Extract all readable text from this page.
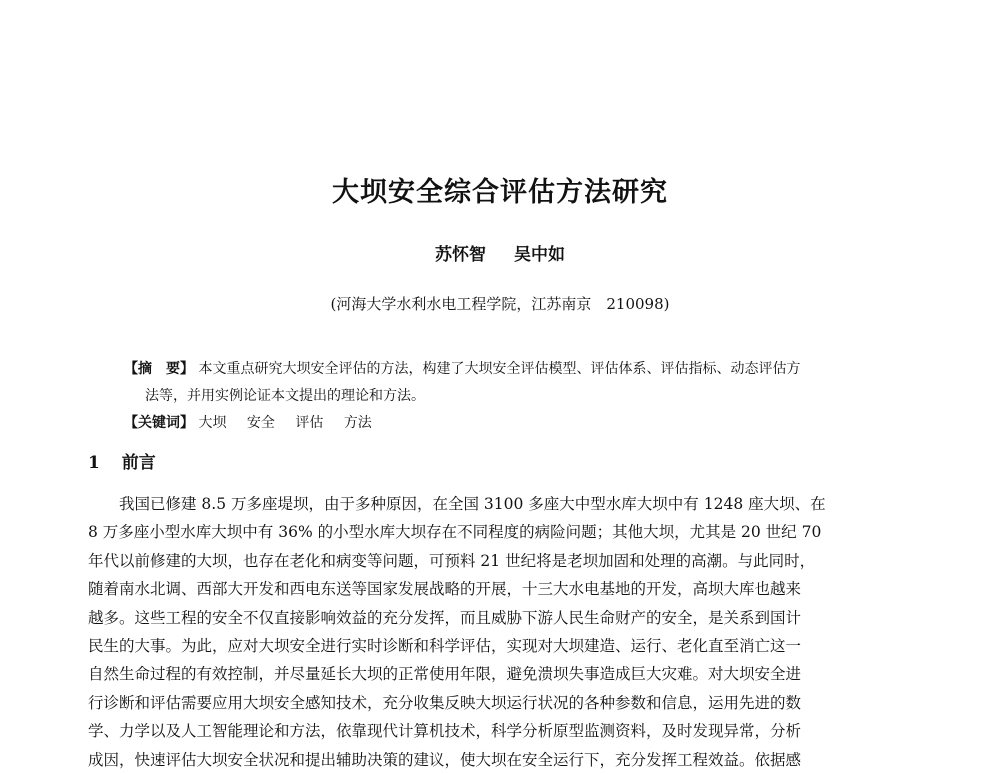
大坝安全综合评估方法研究
苏怀智 吴中如
(河海大学水利水电工程学院，江苏南京　210098)
【摘　要】 本文重点研究大坝安全评估的方法，构建了大坝安全评估模型、评估体系、评估指标、动态评估方
法等，并用实例论证本文提出的理论和方法。
【关键词】 大坝 安全 评估 方法
1 前言
　　我国已修建 8.5 万多座堤坝，由于多种原因，在全国 3100 多座大中型水库大坝中有 1248 座大坝、在
8 万多座小型水库大坝中有 36% 的小型水库大坝存在不同程度的病险问题；其他大坝，尤其是 20 世纪 70
年代以前修建的大坝，也存在老化和病变等问题，可预料 21 世纪将是老坝加固和处理的高潮。与此同时，
随着南水北调、西部大开发和西电东送等国家发展战略的开展，十三大水电基地的开发，高坝大库也越来
越多。这些工程的安全不仅直接影响效益的充分发挥，而且威胁下游人民生命财产的安全，是关系到国计
民生的大事。为此，应对大坝安全进行实时诊断和科学评估，实现对大坝建造、运行、老化直至消亡这一
自然生命过程的有效控制，并尽量延长大坝的正常使用年限，避免溃坝失事造成巨大灾难。对大坝安全进
行诊断和评估需要应用大坝安全感知技术，充分收集反映大坝运行状况的各种参数和信息，运用先进的数
学、力学以及人工智能理论和方法，依靠现代计算机技术，科学分析原型监测资料，及时发现异常，分析
成因，快速评估大坝安全状况和提出辅助决策的建议，使大坝在安全运行下，充分发挥工程效益。依据感
